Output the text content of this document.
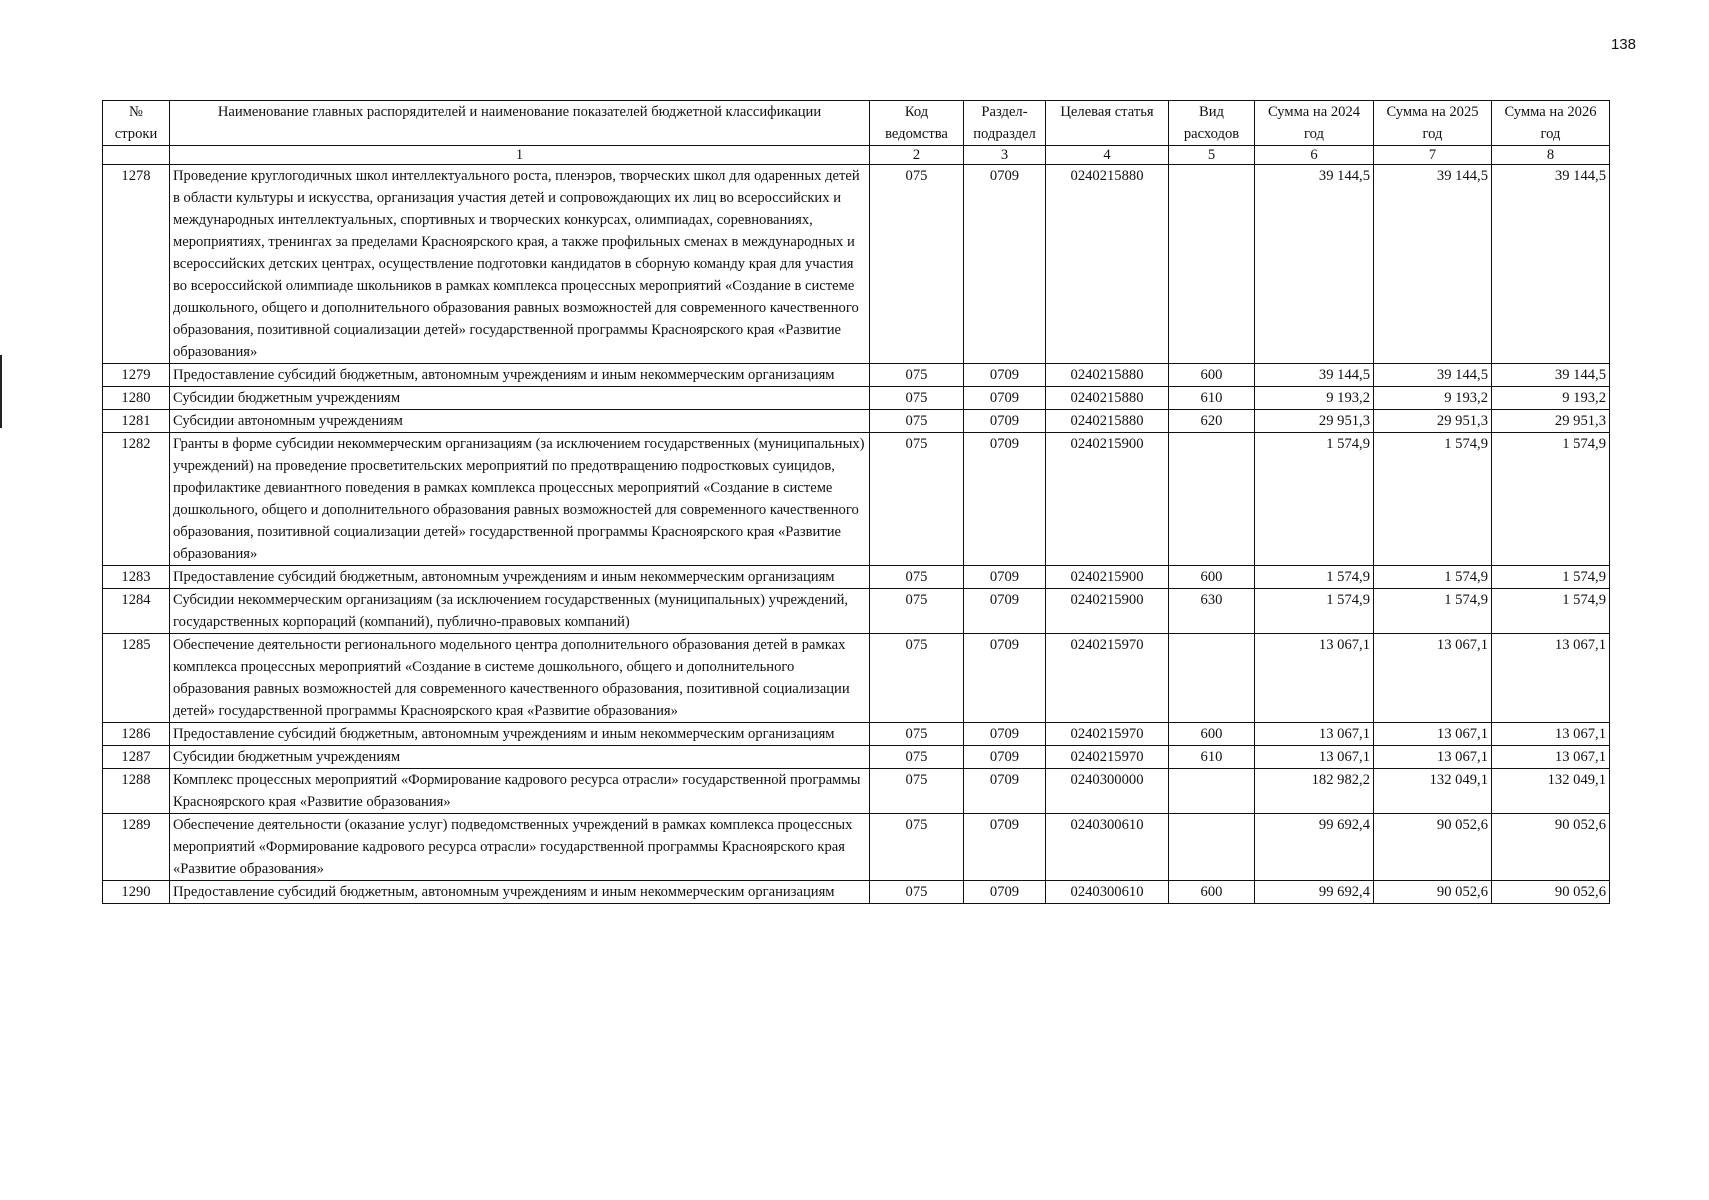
138
№ строки	Наименование главных распорядителей и наименование показателей бюджетной классификации	Код ведомства	Раздел-подраздел	Целевая статья	Вид расходов	Сумма на 2024 год	Сумма на 2025 год	Сумма на 2026 год
	1	2	3	4	5	6	7	8
1278	Проведение круглогодичных школ интеллектуального роста, пленэров, творческих школ для одаренных детей в области культуры и искусства, организация участия детей и сопровождающих их лиц во всероссийских и международных интеллектуальных, спортивных и творческих конкурсах, олимпиадах, соревнованиях, мероприятиях, тренингах за пределами Красноярского края, а также профильных сменах в международных и всероссийских детских центрах, осуществление подготовки кандидатов в сборную команду края для участия во всероссийской олимпиаде школьников в рамках комплекса процессных мероприятий «Создание в системе дошкольного, общего и дополнительного образования равных возможностей для современного качественного образования, позитивной социализации детей» государственной программы Красноярского края «Развитие образования»	075	0709	0240215880		39 144,5	39 144,5	39 144,5
1279	Предоставление субсидий бюджетным, автономным учреждениям и иным некоммерческим организациям	075	0709	0240215880	600	39 144,5	39 144,5	39 144,5
1280	Субсидии бюджетным учреждениям	075	0709	0240215880	610	9 193,2	9 193,2	9 193,2
1281	Субсидии автономным учреждениям	075	0709	0240215880	620	29 951,3	29 951,3	29 951,3
1282	Гранты в форме субсидии некоммерческим организациям (за исключением государственных (муниципальных) учреждений) на проведение просветительских мероприятий по предотвращению подростковых суицидов, профилактике девиантного поведения в рамках комплекса процессных мероприятий «Создание в системе дошкольного, общего и дополнительного образования равных возможностей для современного качественного образования, позитивной социализации детей» государственной программы Красноярского края «Развитие образования»	075	0709	0240215900		1 574,9	1 574,9	1 574,9
1283	Предоставление субсидий бюджетным, автономным учреждениям и иным некоммерческим организациям	075	0709	0240215900	600	1 574,9	1 574,9	1 574,9
1284	Субсидии некоммерческим организациям (за исключением государственных (муниципальных) учреждений, государственных корпораций (компаний), публично-правовых компаний)	075	0709	0240215900	630	1 574,9	1 574,9	1 574,9
1285	Обеспечение деятельности регионального модельного центра дополнительного образования детей в рамках комплекса процессных мероприятий «Создание в системе дошкольного, общего и дополнительного образования равных возможностей для современного качественного образования, позитивной социализации детей» государственной программы Красноярского края «Развитие образования»	075	0709	0240215970		13 067,1	13 067,1	13 067,1
1286	Предоставление субсидий бюджетным, автономным учреждениям и иным некоммерческим организациям	075	0709	0240215970	600	13 067,1	13 067,1	13 067,1
1287	Субсидии бюджетным учреждениям	075	0709	0240215970	610	13 067,1	13 067,1	13 067,1
1288	Комплекс процессных мероприятий «Формирование кадрового ресурса отрасли» государственной программы Красноярского края «Развитие образования»	075	0709	0240300000		182 982,2	132 049,1	132 049,1
1289	Обеспечение деятельности (оказание услуг) подведомственных учреждений в рамках комплекса процессных мероприятий «Формирование кадрового ресурса отрасли» государственной программы Красноярского края «Развитие образования»	075	0709	0240300610		99 692,4	90 052,6	90 052,6
1290	Предоставление субсидий бюджетным, автономным учреждениям и иным некоммерческим организациям	075	0709	0240300610	600	99 692,4	90 052,6	90 052,6
